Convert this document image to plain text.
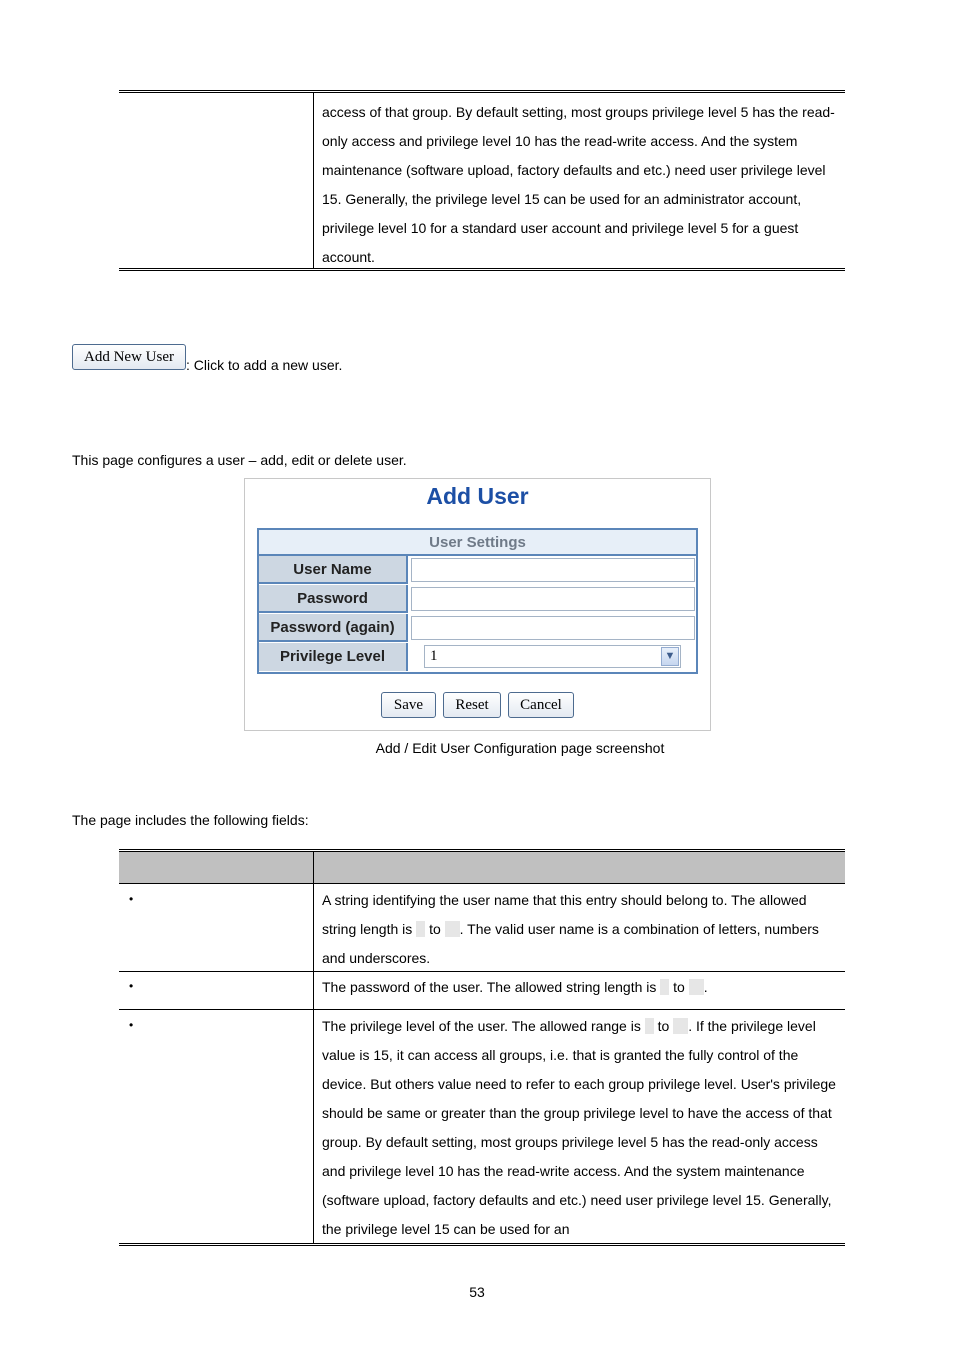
access of that group. By default setting, most groups privilege level 5 has the read-only access and privilege level 10 has the read-write access. And the system maintenance (software upload, factory defaults and etc.) need user privilege level 15. Generally, the privilege level 15 can be used for an administrator account, privilege level 10 for a standard user account and privilege level 5 for a guest account.
Add New User : Click to add a new user.
This page configures a user – add, edit or delete user.
Add User
User Settings
User Name
Password
Password (again)
Privilege Level	1	▼
Save	Reset	Cancel
Add / Edit User Configuration page screenshot
The page includes the following fields:
•	A string identifying the user name that this entry should belong to. The allowed string length is to . The valid user name is a combination of letters, numbers and underscores.
•	The password of the user. The allowed string length is to .
•	The privilege level of the user. The allowed range is to . If the privilege level value is 15, it can access all groups, i.e. that is granted the fully control of the device. But others value need to refer to each group privilege level. User's privilege should be same or greater than the group privilege level to have the access of that group. By default setting, most groups privilege level 5 has the read-only access and privilege level 10 has the read-write access. And the system maintenance (software upload, factory defaults and etc.) need user privilege level 15. Generally, the privilege level 15 can be used for an
53
